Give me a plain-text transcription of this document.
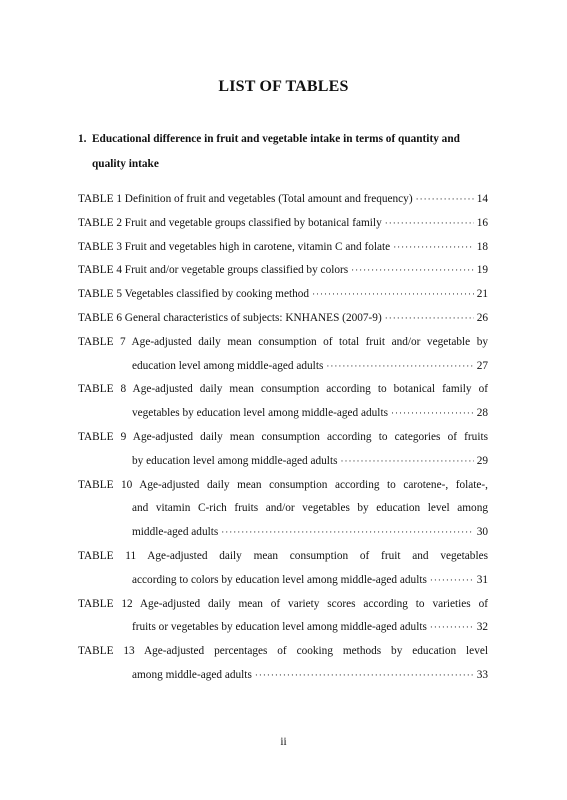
LIST OF TABLES
1. Educational difference in fruit and vegetable intake in terms of quantity and
quality intake
TABLE 1 Definition of fruit and vegetables (Total amount and frequency) ·····	14
TABLE 2 Fruit and vegetable groups classified by botanical family ·····	16
TABLE 3 Fruit and vegetables high in carotene, vitamin C and folate ·····	18
TABLE 4 Fruit and/or vegetable groups classified by colors ·····	19
TABLE 5 Vegetables classified by cooking method ·····	21
TABLE 6 General characteristics of subjects: KNHANES (2007-9) ·····	26
TABLE 7 Age-adjusted daily mean consumption of total fruit and/or vegetable by
education level among middle-aged adults ·····	27
TABLE 8 Age-adjusted daily mean consumption according to botanical family of
vegetables by education level among middle-aged adults ·····	28
TABLE 9 Age-adjusted daily mean consumption according to categories of fruits
by education level among middle-aged adults ·····	29
TABLE 10 Age-adjusted daily mean consumption according to carotene-, folate-,
and vitamin C-rich fruits and/or vegetables by education level among
middle-aged adults ·····	30
TABLE 11 Age-adjusted daily mean consumption of fruit and vegetables
according to colors by education level among middle-aged adults ·····	31
TABLE 12 Age-adjusted daily mean of variety scores according to varieties of
fruits or vegetables by education level among middle-aged adults ·····	32
TABLE 13 Age-adjusted percentages of cooking methods by education level
among middle-aged adults ·····	33
ii
